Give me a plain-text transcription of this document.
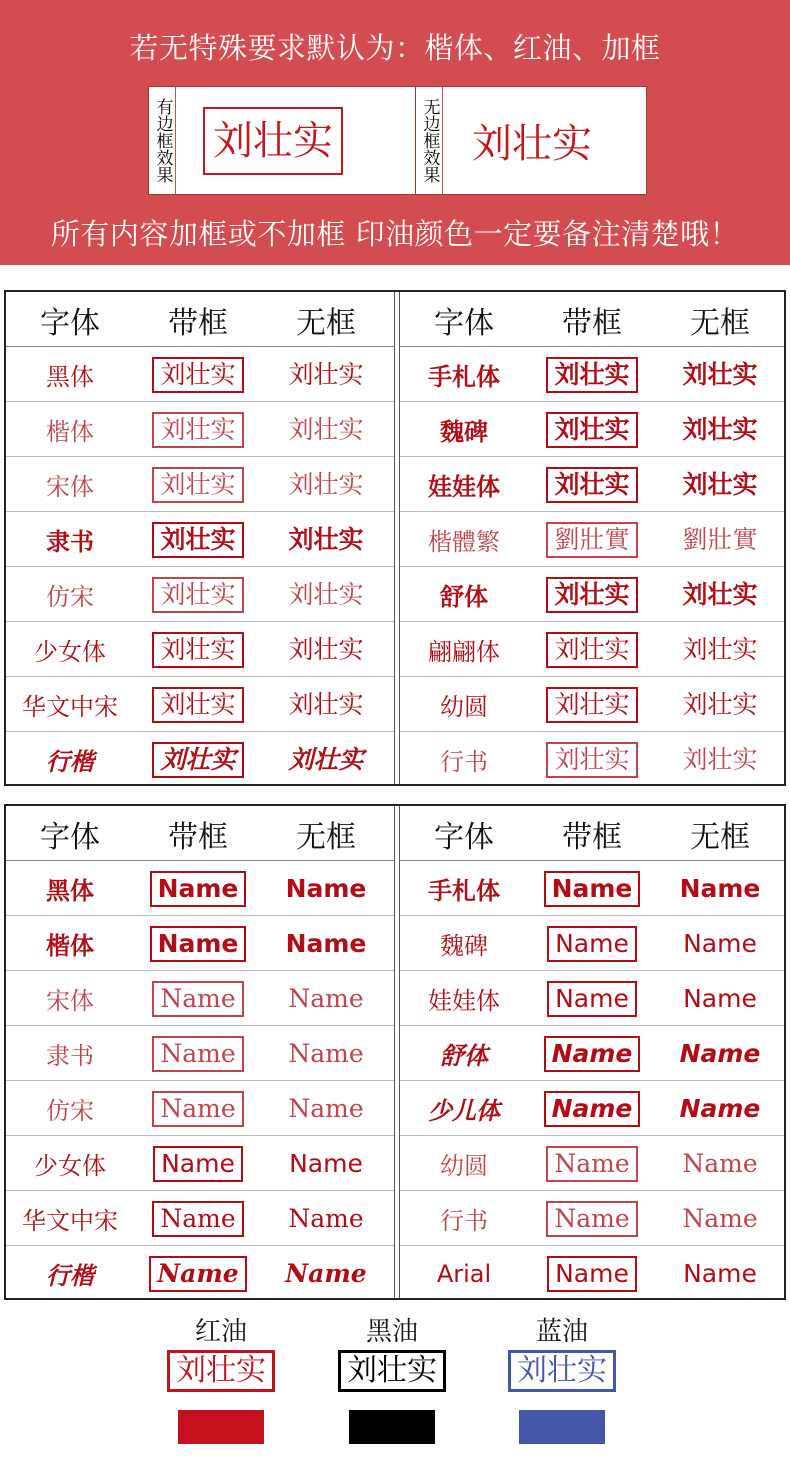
若无特殊要求默认为：楷体、红油、加框
有边框效果 刘壮实	无边框效果 刘壮实
所有内容加框或不加框 印油颜色一定要备注清楚哦！
字体	带框	无框
黑体	刘壮实	刘壮实
楷体	刘壮实	刘壮实
宋体	刘壮实	刘壮实
隶书	刘壮实	刘壮实
仿宋	刘壮实	刘壮实
少女体	刘壮实	刘壮实
华文中宋	刘壮实	刘壮实
行楷	刘壮实	刘壮实
字体	带框	无框
手札体	刘壮实	刘壮实
魏碑	刘壮实	刘壮实
娃娃体	刘壮实	刘壮实
楷體繁	劉壯實	劉壯實
舒体	刘壮实	刘壮实
翩翩体	刘壮实	刘壮实
幼圆	刘壮实	刘壮实
行书	刘壮实	刘壮实
字体	带框	无框
黑体	Name	Name
楷体	Name	Name
宋体	Name	Name
隶书	Name	Name
仿宋	Name	Name
少女体	Name	Name
华文中宋	Name	Name
行楷	Name	Name
字体	带框	无框
手札体	Name	Name
魏碑	Name	Name
娃娃体	Name	Name
舒体	Name	Name
少儿体	Name	Name
幼圆	Name	Name
行书	Name	Name
Arial	Name	Name
红油
刘壮实
黑油
刘壮实
蓝油
刘壮实
